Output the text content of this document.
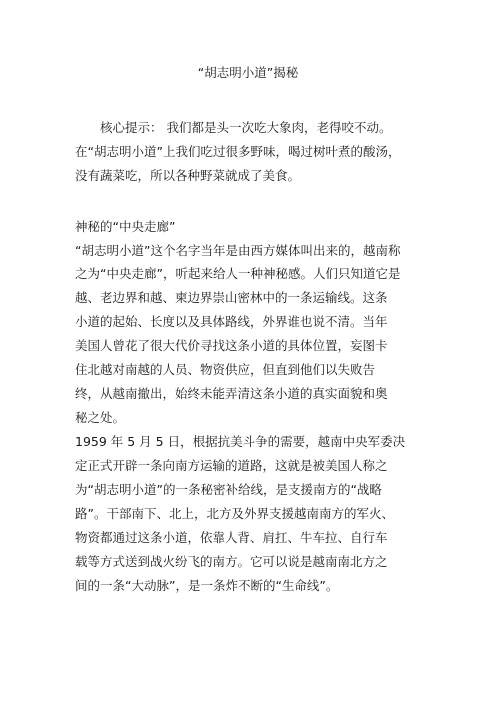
“胡志明小道”揭秘
核心提示： 我们都是头一次吃大象肉，老得咬不动。
在“胡志明小道”上我们吃过很多野味，喝过树叶煮的酸汤，
没有蔬菜吃，所以各种野菜就成了美食。
神秘的“中央走廊”
“胡志明小道”这个名字当年是由西方媒体叫出来的，越南称
之为“中央走廊”，听起来给人一种神秘感。人们只知道它是
越、老边界和越、柬边界崇山密林中的一条运输线。这条
小道的起始、长度以及具体路线，外界谁也说不清。当年
美国人曾花了很大代价寻找这条小道的具体位置，妄图卡
住北越对南越的人员、物资供应，但直到他们以失败告
终，从越南撤出，始终未能弄清这条小道的真实面貌和奥
秘之处。
1959 年 5 月 5 日，根据抗美斗争的需要，越南中央军委决
定正式开辟一条向南方运输的道路，这就是被美国人称之
为“胡志明小道”的一条秘密补给线，是支援南方的“战略
路”。干部南下、北上，北方及外界支援越南南方的军火、
物资都通过这条小道，依靠人背、肩扛、牛车拉、自行车
载等方式送到战火纷飞的南方。它可以说是越南南北方之
间的一条“大动脉”，是一条炸不断的“生命线”。
